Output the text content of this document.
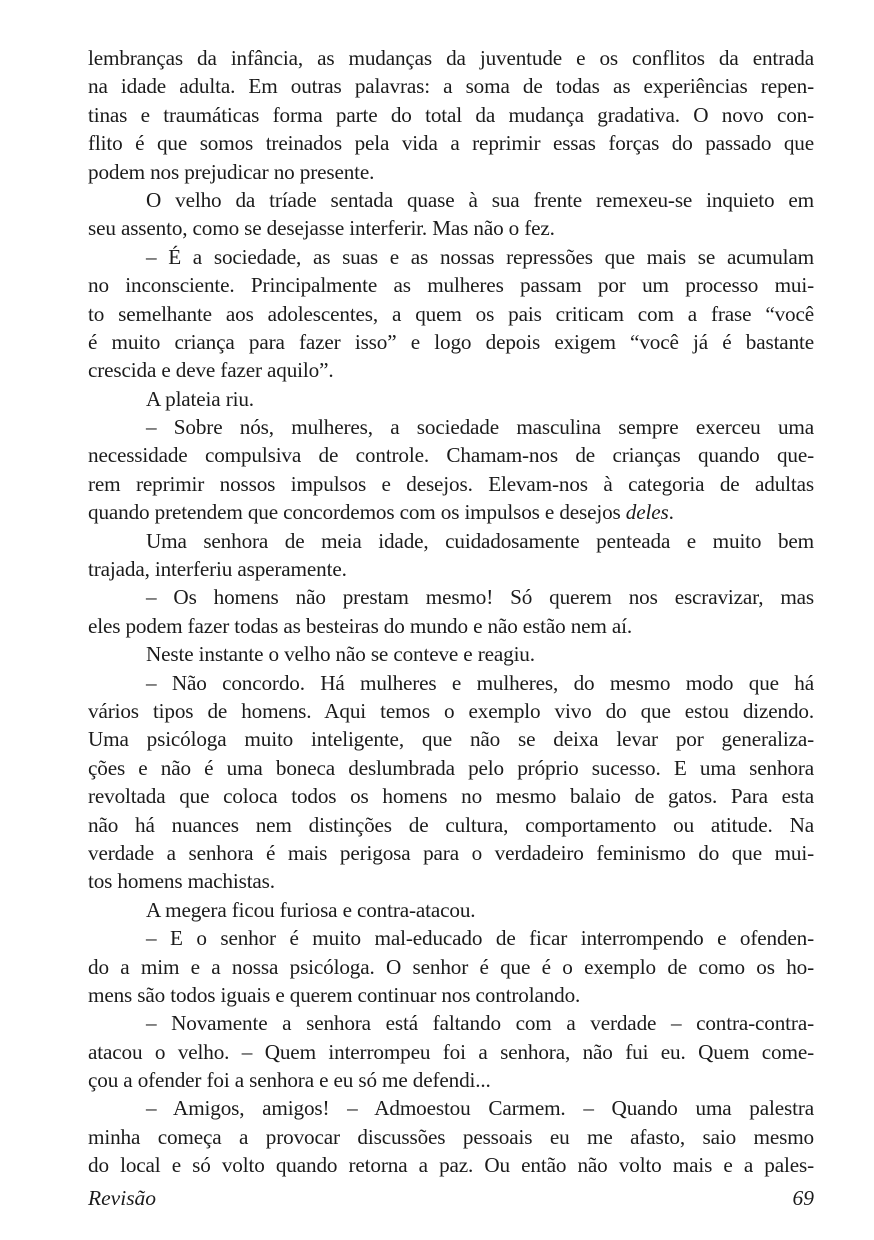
lembranças da infância, as mudanças da juventude e os conflitos da entrada
na idade adulta. Em outras palavras: a soma de todas as experiências repen-
tinas e traumáticas forma parte do total da mudança gradativa. O novo con-
flito é que somos treinados pela vida a reprimir essas forças do passado que
podem nos prejudicar no presente.
O velho da tríade sentada quase à sua frente remexeu-se inquieto em
seu assento, como se desejasse interferir. Mas não o fez.
– É a sociedade, as suas e as nossas repressões que mais se acumulam
no inconsciente. Principalmente as mulheres passam por um processo mui-
to semelhante aos adolescentes, a quem os pais criticam com a frase “você
é muito criança para fazer isso” e logo depois exigem “você já é bastante
crescida e deve fazer aquilo”.
A plateia riu.
– Sobre nós, mulheres, a sociedade masculina sempre exerceu uma
necessidade compulsiva de controle. Chamam-nos de crianças quando que-
rem reprimir nossos impulsos e desejos. Elevam-nos à categoria de adultas
quando pretendem que concordemos com os impulsos e desejos deles.
Uma senhora de meia idade, cuidadosamente penteada e muito bem
trajada, interferiu asperamente.
– Os homens não prestam mesmo! Só querem nos escravizar, mas
eles podem fazer todas as besteiras do mundo e não estão nem aí.
Neste instante o velho não se conteve e reagiu.
– Não concordo. Há mulheres e mulheres, do mesmo modo que há
vários tipos de homens. Aqui temos o exemplo vivo do que estou dizendo.
Uma psicóloga muito inteligente, que não se deixa levar por generaliza-
ções e não é uma boneca deslumbrada pelo próprio sucesso. E uma senhora
revoltada que coloca todos os homens no mesmo balaio de gatos. Para esta
não há nuances nem distinções de cultura, comportamento ou atitude. Na
verdade a senhora é mais perigosa para o verdadeiro feminismo do que mui-
tos homens machistas.
A megera ficou furiosa e contra-atacou.
– E o senhor é muito mal-educado de ficar interrompendo e ofenden-
do a mim e a nossa psicóloga. O senhor é que é o exemplo de como os ho-
mens são todos iguais e querem continuar nos controlando.
– Novamente a senhora está faltando com a verdade – contra-contra-
atacou o velho. – Quem interrompeu foi a senhora, não fui eu. Quem come-
çou a ofender foi a senhora e eu só me defendi...
– Amigos, amigos! – Admoestou Carmem. – Quando uma palestra
minha começa a provocar discussões pessoais eu me afasto, saio mesmo
do local e só volto quando retorna a paz. Ou então não volto mais e a pales-
Revisão	69
